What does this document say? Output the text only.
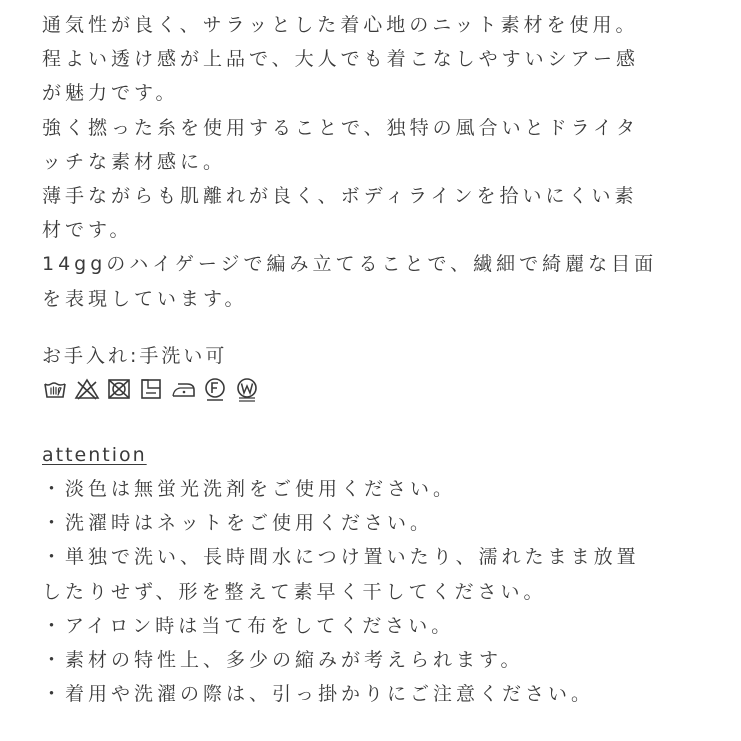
通気性が良く、サラッとした着心地のニット素材を使用。
程よい透け感が上品で、大人でも着こなしやすいシアー感
が魅力です。
強く撚った糸を使用することで、独特の風合いとドライタ
ッチな素材感に。
薄手ながらも肌離れが良く、ボディラインを拾いにくい素
材です。
14ggのハイゲージで編み立てることで、繊細で綺麗な目面
を表現しています。
お手入れ:手洗い可
attention
・淡色は無蛍光洗剤をご使用ください。
・洗濯時はネットをご使用ください。
・単独で洗い、長時間水につけ置いたり、濡れたまま放置
したりせず、形を整えて素早く干してください。
・アイロン時は当て布をしてください。
・素材の特性上、多少の縮みが考えられます。
・着用や洗濯の際は、引っ掛かりにご注意ください。
